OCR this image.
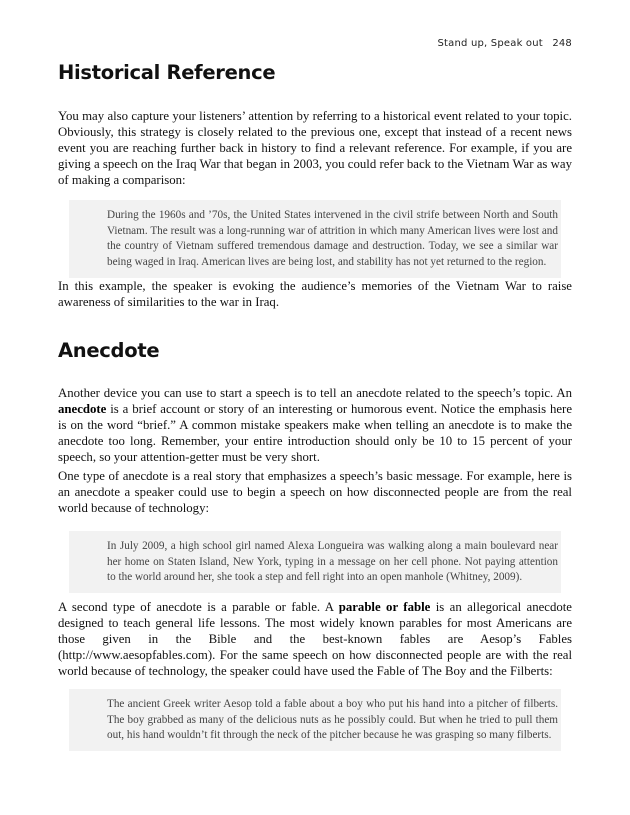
Stand up, Speak out 248
Historical Reference

You may also capture your listeners’ attention by referring to a historical event related to your topic. Obviously, this strategy is closely related to the previous one, except that instead of a recent news event you are reaching further back in history to find a relevant reference. For example, if you are giving a speech on the Iraq War that began in 2003, you could refer back to the Vietnam War as way of making a comparison:

During the 1960s and ’70s, the United States intervened in the civil strife between North and South Vietnam. The result was a long-running war of attrition in which many American lives were lost and the country of Vietnam suffered tremendous damage and destruction. Today, we see a similar war being waged in Iraq. American lives are being lost, and stability has not yet returned to the region.

In this example, the speaker is evoking the audience’s memories of the Vietnam War to raise awareness of similarities to the war in Iraq.

Anecdote

Another device you can use to start a speech is to tell an anecdote related to the speech’s topic. An anecdote is a brief account or story of an interesting or humorous event. Notice the emphasis here is on the word “brief.” A common mistake speakers make when telling an anecdote is to make the anecdote too long. Remember, your entire introduction should only be 10 to 15 percent of your speech, so your attention-getter must be very short.

One type of anecdote is a real story that emphasizes a speech’s basic message. For example, here is an anecdote a speaker could use to begin a speech on how disconnected people are from the real world because of technology:

In July 2009, a high school girl named Alexa Longueira was walking along a main boulevard near her home on Staten Island, New York, typing in a message on her cell phone. Not paying attention to the world around her, she took a step and fell right into an open manhole (Whitney, 2009).

A second type of anecdote is a parable or fable. A parable or fable is an allegorical anecdote designed to teach general life lessons. The most widely known parables for most Americans are those given in the Bible and the best-known fables are Aesop’s Fables (http://www.aesopfables.com). For the same speech on how disconnected people are with the real world because of technology, the speaker could have used the Fable of The Boy and the Filberts:

The ancient Greek writer Aesop told a fable about a boy who put his hand into a pitcher of filberts. The boy grabbed as many of the delicious nuts as he possibly could. But when he tried to pull them out, his hand wouldn’t fit through the neck of the pitcher because he was grasping so many filberts.
